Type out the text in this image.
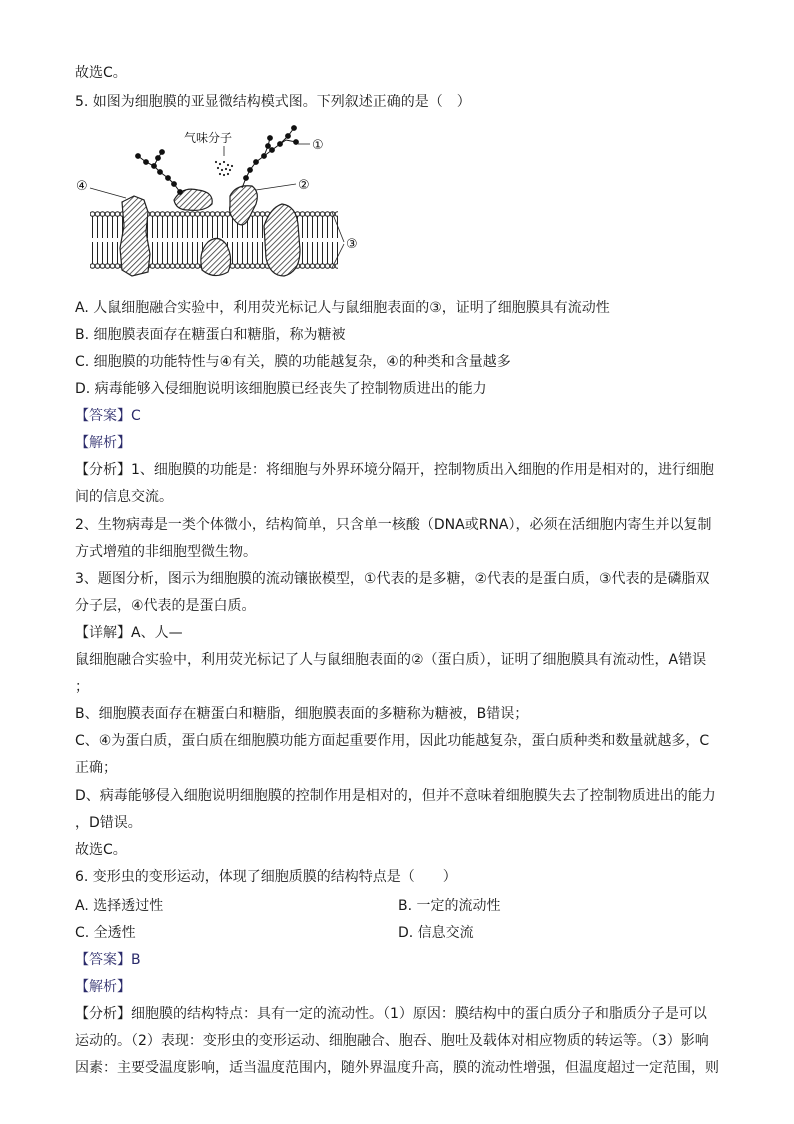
故选C。
5. 如图为细胞膜的亚显微结构模式图。下列叙述正确的是（　）
气味分子	①
②
③
④
A. 人鼠细胞融合实验中，利用荧光标记人与鼠细胞表面的③，证明了细胞膜具有流动性
B. 细胞膜表面存在糖蛋白和糖脂，称为糖被
C. 细胞膜的功能特性与④有关，膜的功能越复杂，④的种类和含量越多
D. 病毒能够入侵细胞说明该细胞膜已经丧失了控制物质进出的能力
【答案】C
【解析】
【分析】1、细胞膜的功能是：将细胞与外界环境分隔开，控制物质出入细胞的作用是相对的，进行细胞
间的信息交流。
2、生物病毒是一类个体微小，结构简单，只含单一核酸（DNA或RNA），必须在活细胞内寄生并以复制
方式增殖的非细胞型微生物。
3、题图分析，图示为细胞膜的流动镶嵌模型，①代表的是多糖，②代表的是蛋白质，③代表的是磷脂双
分子层，④代表的是蛋白质。
【详解】A、人—
鼠细胞融合实验中，利用荧光标记了人与鼠细胞表面的②（蛋白质），证明了细胞膜具有流动性，A错误
；
B、细胞膜表面存在糖蛋白和糖脂，细胞膜表面的多糖称为糖被，B错误；
C、④为蛋白质，蛋白质在细胞膜功能方面起重要作用，因此功能越复杂，蛋白质种类和数量就越多，C
正确；
D、病毒能够侵入细胞说明细胞膜的控制作用是相对的，但并不意味着细胞膜失去了控制物质进出的能力
，D错误。
故选C。
6. 变形虫的变形运动，体现了细胞质膜的结构特点是（　　）
A. 选择透过性	B. 一定的流动性
C. 全透性	D. 信息交流
【答案】B
【解析】
【分析】细胞膜的结构特点：具有一定的流动性。（1）原因：膜结构中的蛋白质分子和脂质分子是可以
运动的。（2）表现：变形虫的变形运动、细胞融合、胞吞、胞吐及载体对相应物质的转运等。（3）影响
因素：主要受温度影响，适当温度范围内，随外界温度升高，膜的流动性增强，但温度超过一定范围，则
